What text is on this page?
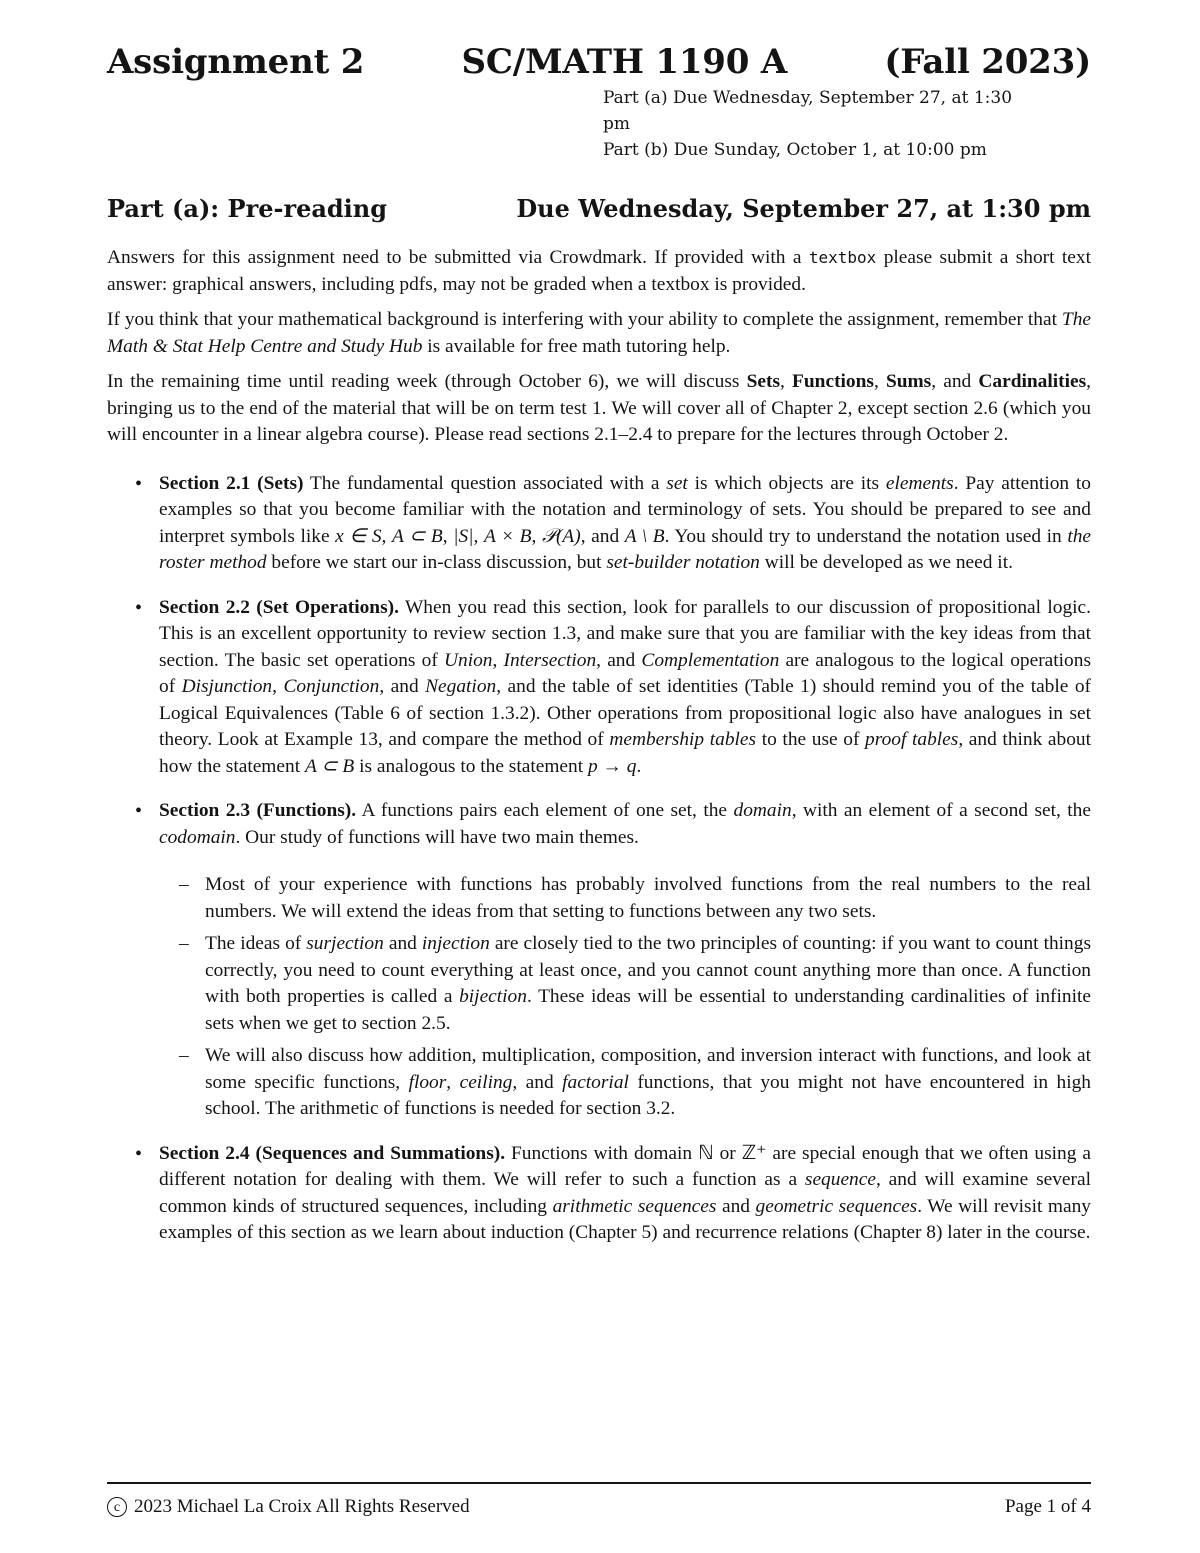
Assignment 2	SC/MATH 1190 A	(Fall 2023)
Part (a) Due Wednesday, September 27, at 1:30 pm
Part (b) Due Sunday, October 1, at 10:00 pm
Part (a): Pre-reading	Due Wednesday, September 27, at 1:30 pm

Answers for this assignment need to be submitted via Crowdmark. If provided with a textbox please submit a short text answer: graphical answers, including pdfs, may not be graded when a textbox is provided.

If you think that your mathematical background is interfering with your ability to complete the assignment, remember that The Math & Stat Help Centre and Study Hub is available for free math tutoring help.

In the remaining time until reading week (through October 6), we will discuss Sets, Functions, Sums, and Cardinalities, bringing us to the end of the material that will be on term test 1. We will cover all of Chapter 2, except section 2.6 (which you will encounter in a linear algebra course). Please read sections 2.1–2.4 to prepare for the lectures through October 2.

• Section 2.1 (Sets) The fundamental question associated with a set is which objects are its elements. Pay attention to examples so that you become familiar with the notation and terminology of sets. You should be prepared to see and interpret symbols like x ∈ S, A ⊂ B, |S|, A × B, 𝒫(A), and A \ B. You should try to understand the notation used in the roster method before we start our in-class discussion, but set-builder notation will be developed as we need it.
• Section 2.2 (Set Operations). When you read this section, look for parallels to our discussion of propositional logic. This is an excellent opportunity to review section 1.3, and make sure that you are familiar with the key ideas from that section. The basic set operations of Union, Intersection, and Complementation are analogous to the logical operations of Disjunction, Conjunction, and Negation, and the table of set identities (Table 1) should remind you of the table of Logical Equivalences (Table 6 of section 1.3.2). Other operations from propositional logic also have analogues in set theory. Look at Example 13, and compare the method of membership tables to the use of proof tables, and think about how the statement A ⊂ B is analogous to the statement p → q.
• Section 2.3 (Functions). A functions pairs each element of one set, the domain, with an element of a second set, the codomain. Our study of functions will have two main themes.
– Most of your experience with functions has probably involved functions from the real numbers to the real numbers. We will extend the ideas from that setting to functions between any two sets.
– The ideas of surjection and injection are closely tied to the two principles of counting: if you want to count things correctly, you need to count everything at least once, and you cannot count anything more than once. A function with both properties is called a bijection. These ideas will be essential to understanding cardinalities of infinite sets when we get to section 2.5.
– We will also discuss how addition, multiplication, composition, and inversion interact with functions, and look at some specific functions, floor, ceiling, and factorial functions, that you might not have encountered in high school. The arithmetic of functions is needed for section 3.2.
• Section 2.4 (Sequences and Summations). Functions with domain ℕ or ℤ⁺ are special enough that we often using a different notation for dealing with them. We will refer to such a function as a sequence, and will examine several common kinds of structured sequences, including arithmetic sequences and geometric sequences. We will revisit many examples of this section as we learn about induction (Chapter 5) and recurrence relations (Chapter 8) later in the course.
c 2023 Michael La Croix All Rights Reserved	Page 1 of 4
